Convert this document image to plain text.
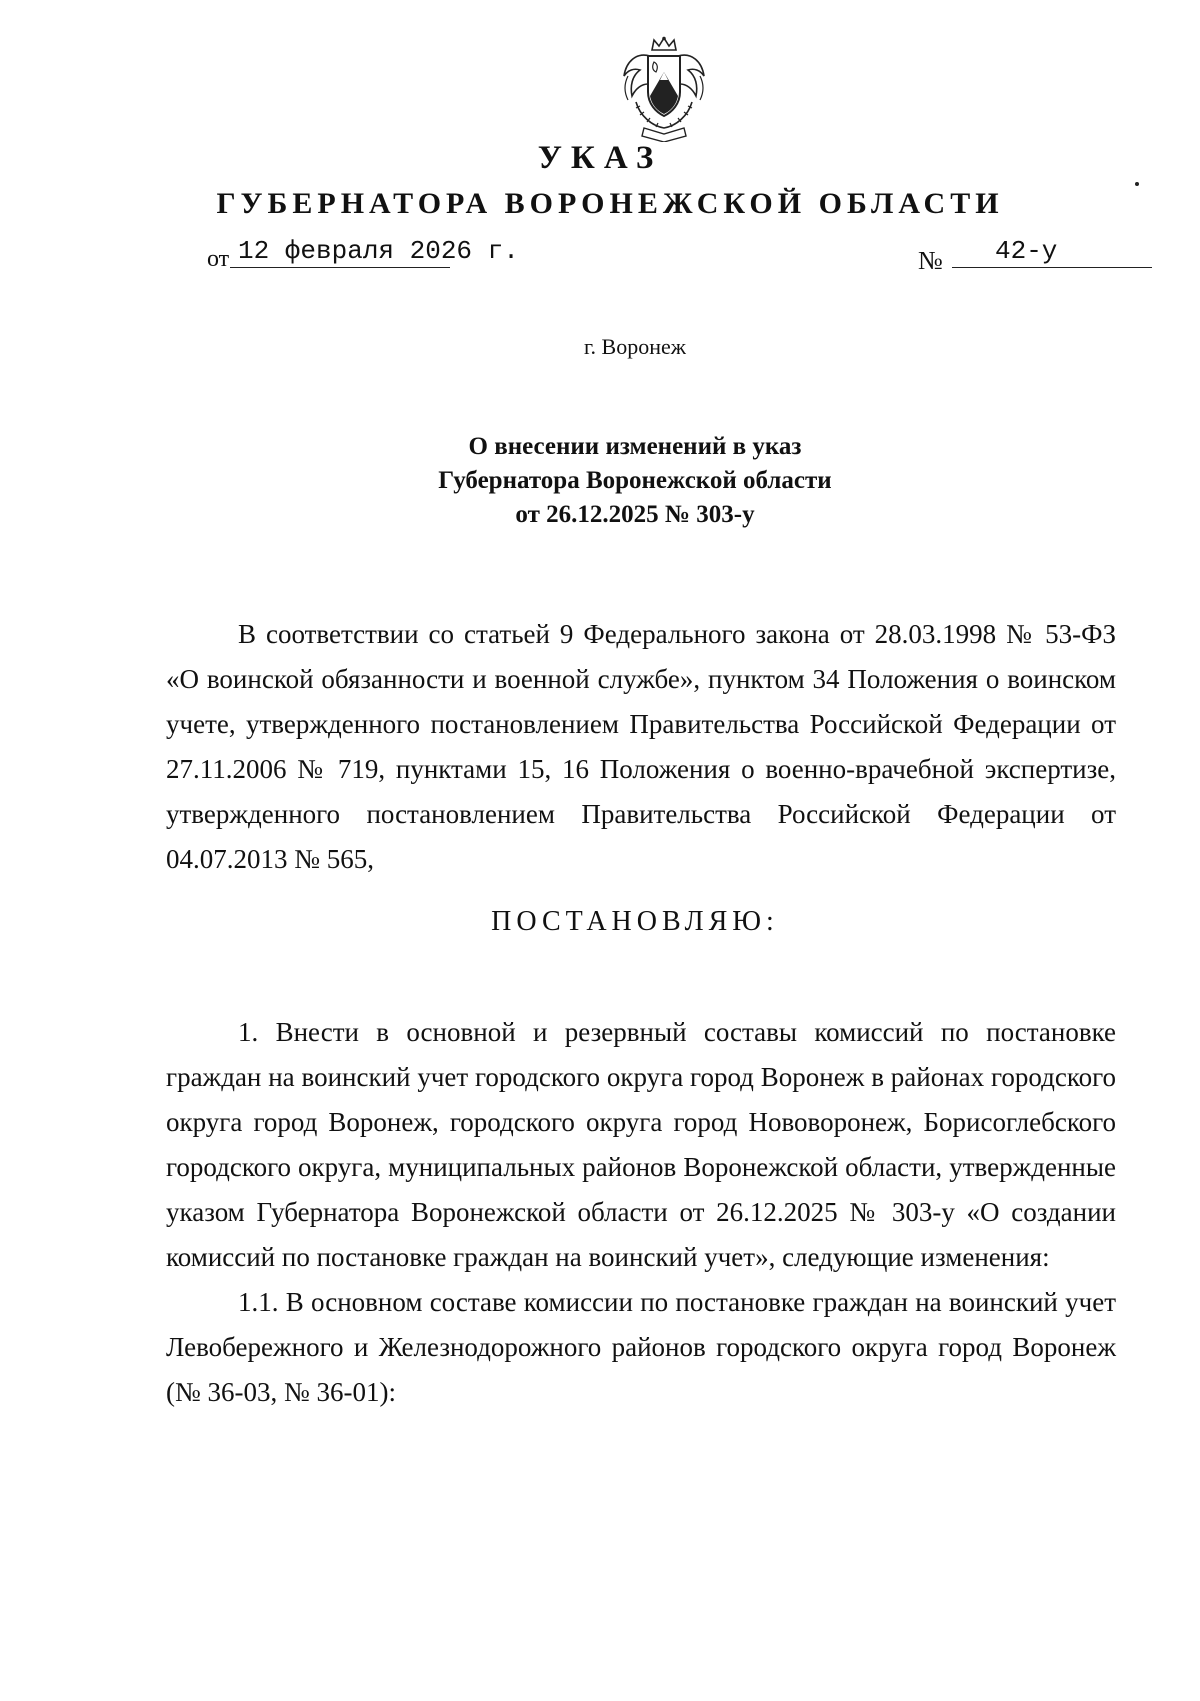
УКАЗ
ГУБЕРНАТОРА ВОРОНЕЖСКОЙ ОБЛАСТИ
от 12 февраля 2026 г.	№ 42-у
г. Воронеж
О внесении изменений в указ
Губернатора Воронежской области
от 26.12.2025 № 303-у

В соответствии со статьей 9 Федерального закона от 28.03.1998 № 53-ФЗ «О воинской обязанности и военной службе», пунктом 34 Положения о воинском учете, утвержденного постановлением Правительства Российской Федерации от 27.11.2006 № 719, пунктами 15, 16 Положения о военно-врачебной экспертизе, утвержденного постановлением Правительства Российской Федерации от 04.07.2013 № 565,

ПОСТАНОВЛЯЮ:

1. Внести в основной и резервный составы комиссий по постановке граждан на воинский учет городского округа город Воронеж в районах городского округа город Воронеж, городского округа город Нововоронеж, Борисоглебского городского округа, муниципальных районов Воронежской области, утвержденные указом Губернатора Воронежской области от 26.12.2025 № 303-у «О создании комиссий по постановке граждан на воинский учет», следующие изменения:

1.1. В основном составе комиссии по постановке граждан на воинский учет Левобережного и Железнодорожного районов городского округа город Воронеж (№ 36-03, № 36-01):
